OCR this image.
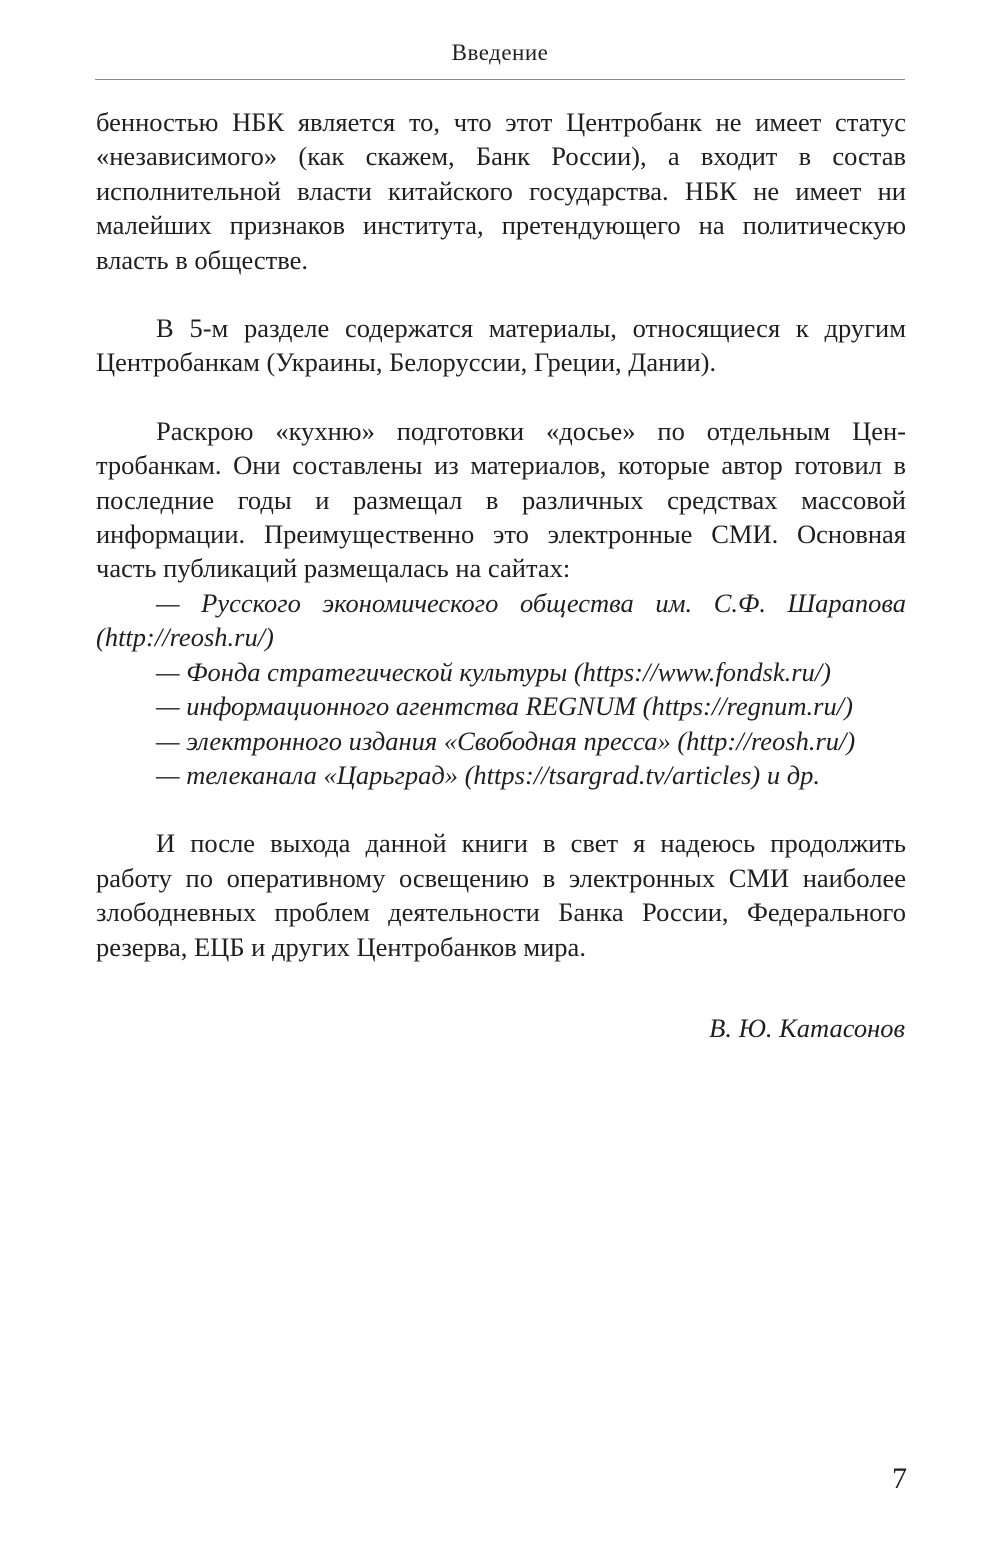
Введение

бенностью НБК является то, что этот Центробанк не имеет статус «независимого» (как скажем, Банк России), а входит в состав исполнительной власти китайского государства. НБК не имеет ни малейших признаков института, претендующего на политическую власть в обществе.

В 5-м разделе содержатся материалы, относящиеся к другим Центробанкам (Украины, Белоруссии, Греции, Дании).

Раскрою «кухню» подготовки «досье» по отдельным Центробанкам. Они составлены из материалов, которые автор готовил в последние годы и размещал в различных средствах массовой информации. Преимущественно это электронные СМИ. Основная часть публикаций размещалась на сайтах:

— Русского экономического общества им. С.Ф. Шарапова (http://reosh.ru/)
— Фонда стратегической культуры (https://www.fondsk.ru/)
— информационного агентства REGNUM (https://regnum.ru/)
— электронного издания «Свободная пресса» (http://reosh.ru/)
— телеканала «Царьград» (https://tsargrad.tv/articles) и др.

И после выхода данной книги в свет я надеюсь продолжить работу по оперативному освещению в электронных СМИ наиболее злободневных проблем деятельности Банка России, Федерального резерва, ЕЦБ и других Центробанков мира.

В. Ю. Катасонов
7
